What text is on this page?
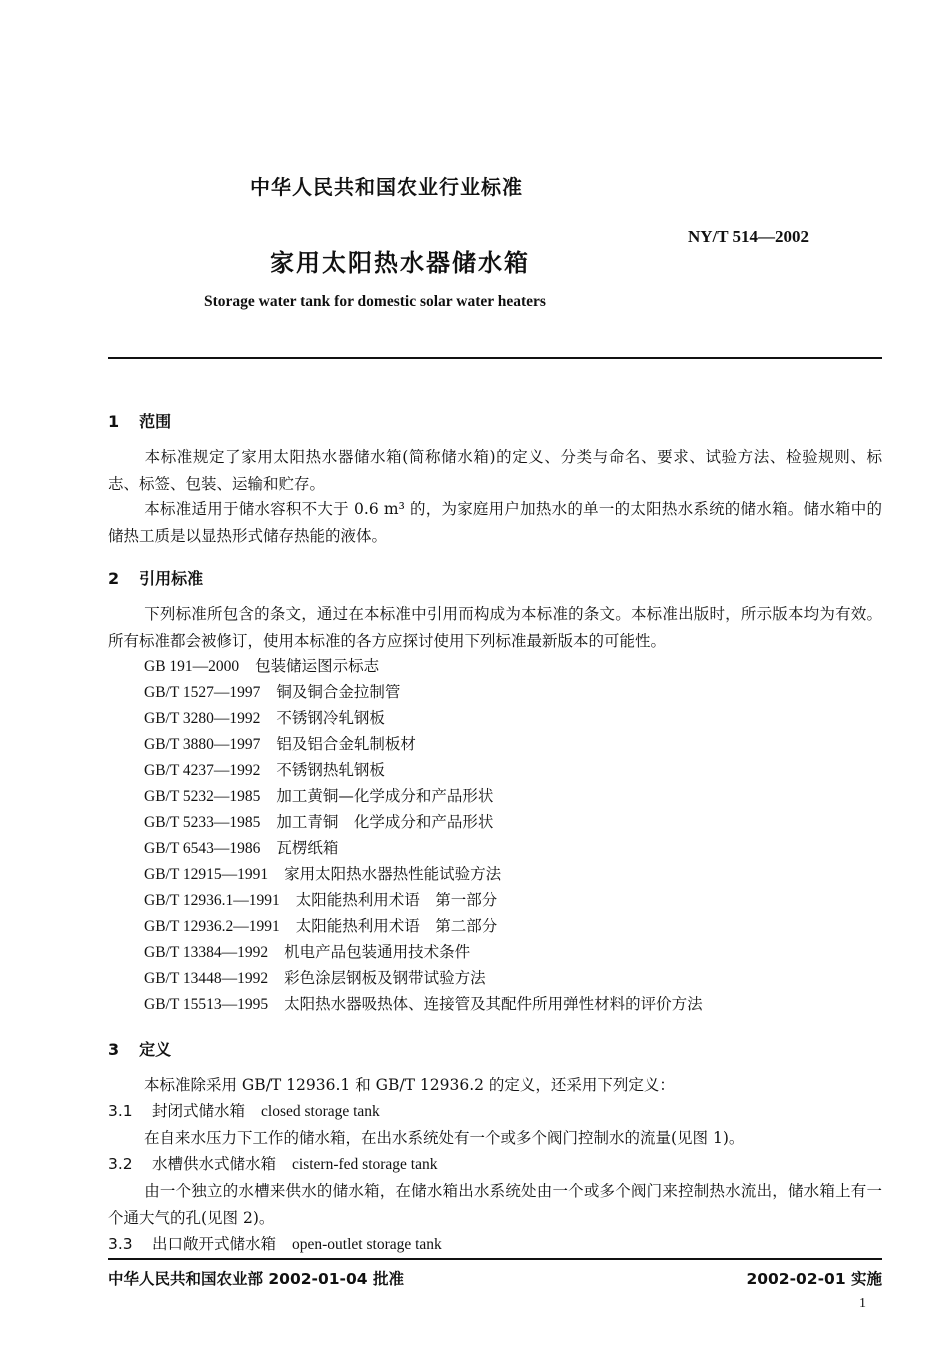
中华人民共和国农业行业标准
NY/T 514—2002
家用太阳热水器储水箱
Storage water tank for domestic solar water heaters
1 范围
本标准规定了家用太阳热水器储水箱(简称储水箱)的定义、分类与命名、要求、试验方法、检验规则、标志、标签、包装、运输和贮存。
本标准适用于储水容积不大于 0.6 m³ 的，为家庭用户加热水的单一的太阳热水系统的储水箱。储水箱中的储热工质是以显热形式储存热能的液体。
2 引用标准
下列标准所包含的条文，通过在本标准中引用而构成为本标准的条文。本标准出版时，所示版本均为有效。所有标准都会被修订，使用本标准的各方应探讨使用下列标准最新版本的可能性。
GB 191—2000 包装储运图示标志
GB/T 1527—1997 铜及铜合金拉制管
GB/T 3280—1992 不锈钢冷轧钢板
GB/T 3880—1997 铝及铝合金轧制板材
GB/T 4237—1992 不锈钢热轧钢板
GB/T 5232—1985 加工黄铜—化学成分和产品形状
GB/T 5233—1985 加工青铜　化学成分和产品形状
GB/T 6543—1986 瓦楞纸箱
GB/T 12915—1991 家用太阳热水器热性能试验方法
GB/T 12936.1—1991 太阳能热利用术语　第一部分
GB/T 12936.2—1991 太阳能热利用术语　第二部分
GB/T 13384—1992 机电产品包装通用技术条件
GB/T 13448—1992 彩色涂层钢板及钢带试验方法
GB/T 15513—1995 太阳热水器吸热体、连接管及其配件所用弹性材料的评价方法
3 定义
本标准除采用 GB/T 12936.1 和 GB/T 12936.2 的定义，还采用下列定义：
3.1 封闭式储水箱 closed storage tank
在自来水压力下工作的储水箱，在出水系统处有一个或多个阀门控制水的流量(见图 1)。
3.2 水槽供水式储水箱 cistern-fed storage tank
由一个独立的水槽来供水的储水箱，在储水箱出水系统处由一个或多个阀门来控制热水流出，储水箱上有一个通大气的孔(见图 2)。
3.3 出口敞开式储水箱 open-outlet storage tank
中华人民共和国农业部 2002-01-04 批准	2002-02-01 实施
1
